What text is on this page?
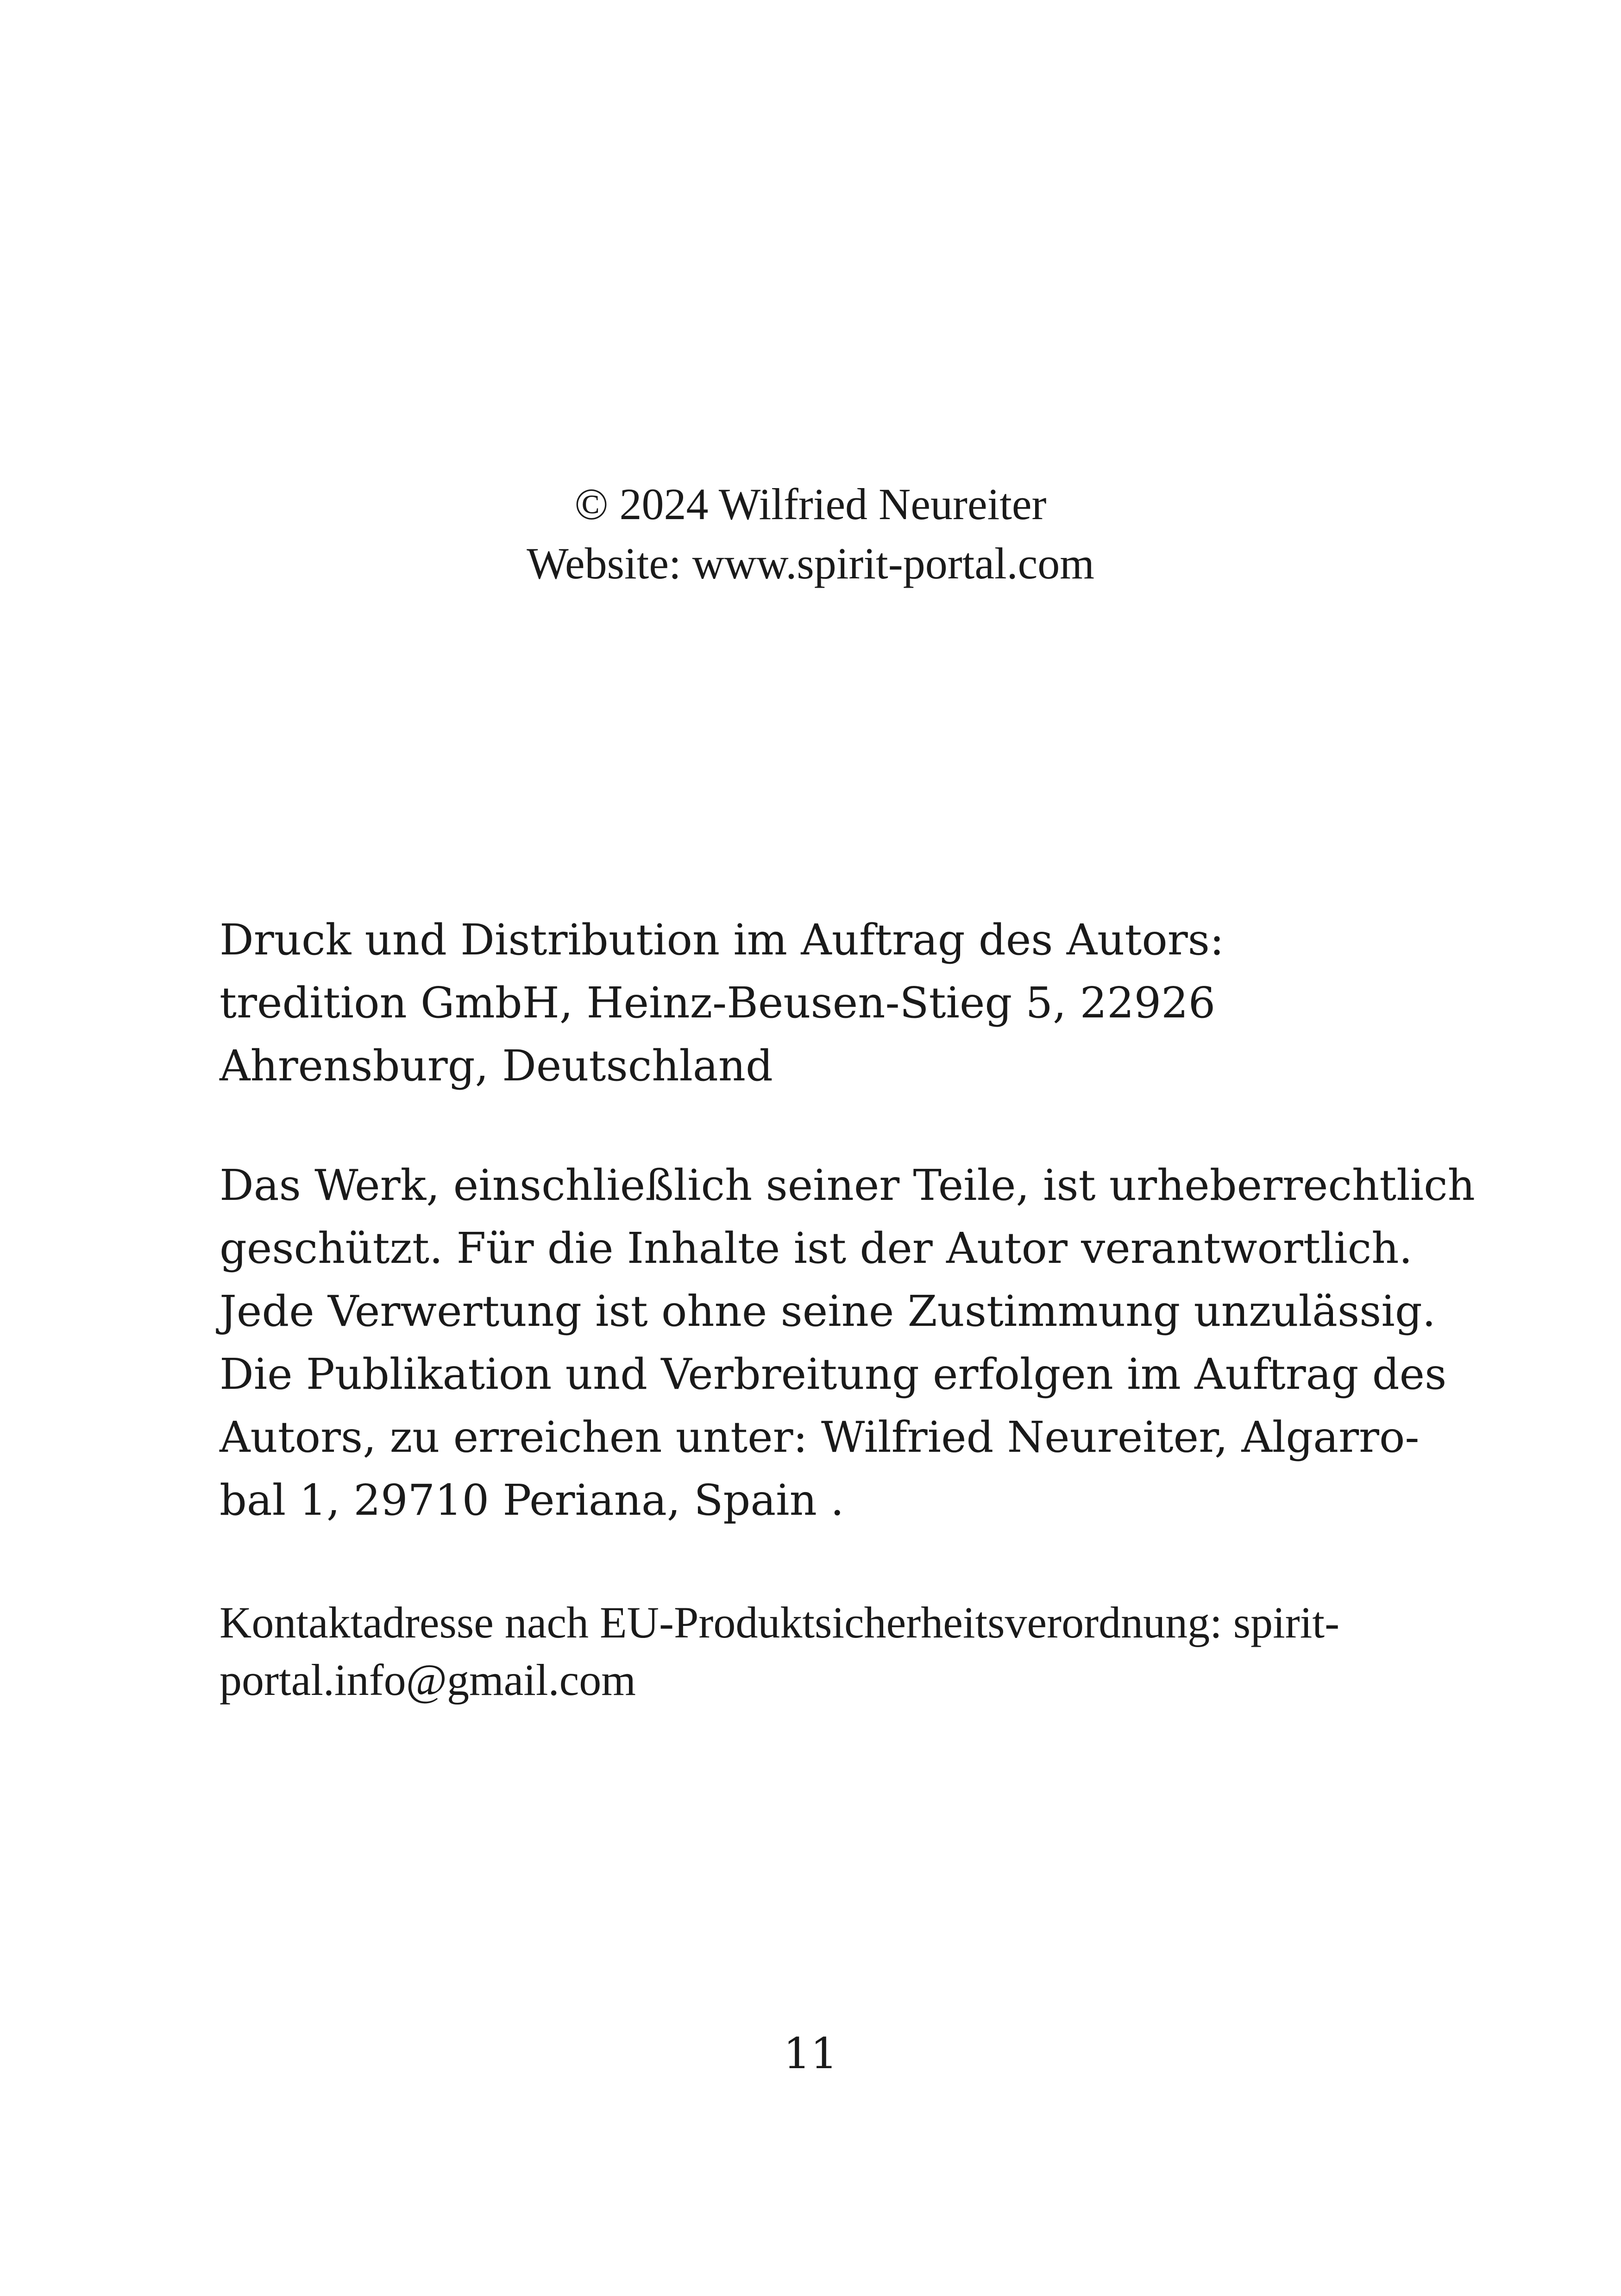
© 2024 Wilfried Neureiter
Website: www.spirit-portal.com
Druck und Distribution im Auftrag des Autors:
tredition GmbH, Heinz-Beusen-Stieg 5, 22926
Ahrensburg, Deutschland
Das Werk, einschließlich seiner Teile, ist urheberrechtlich
geschützt. Für die Inhalte ist der Autor verantwortlich.
Jede Verwertung ist ohne seine Zustimmung unzulässig.
Die Publikation und Verbreitung erfolgen im Auftrag des
Autors, zu erreichen unter: Wilfried Neureiter, Algarro-
bal 1, 29710 Periana, Spain .
Kontaktadresse nach EU-Produktsicherheitsverordnung: spirit-
portal.info@gmail.com
11
